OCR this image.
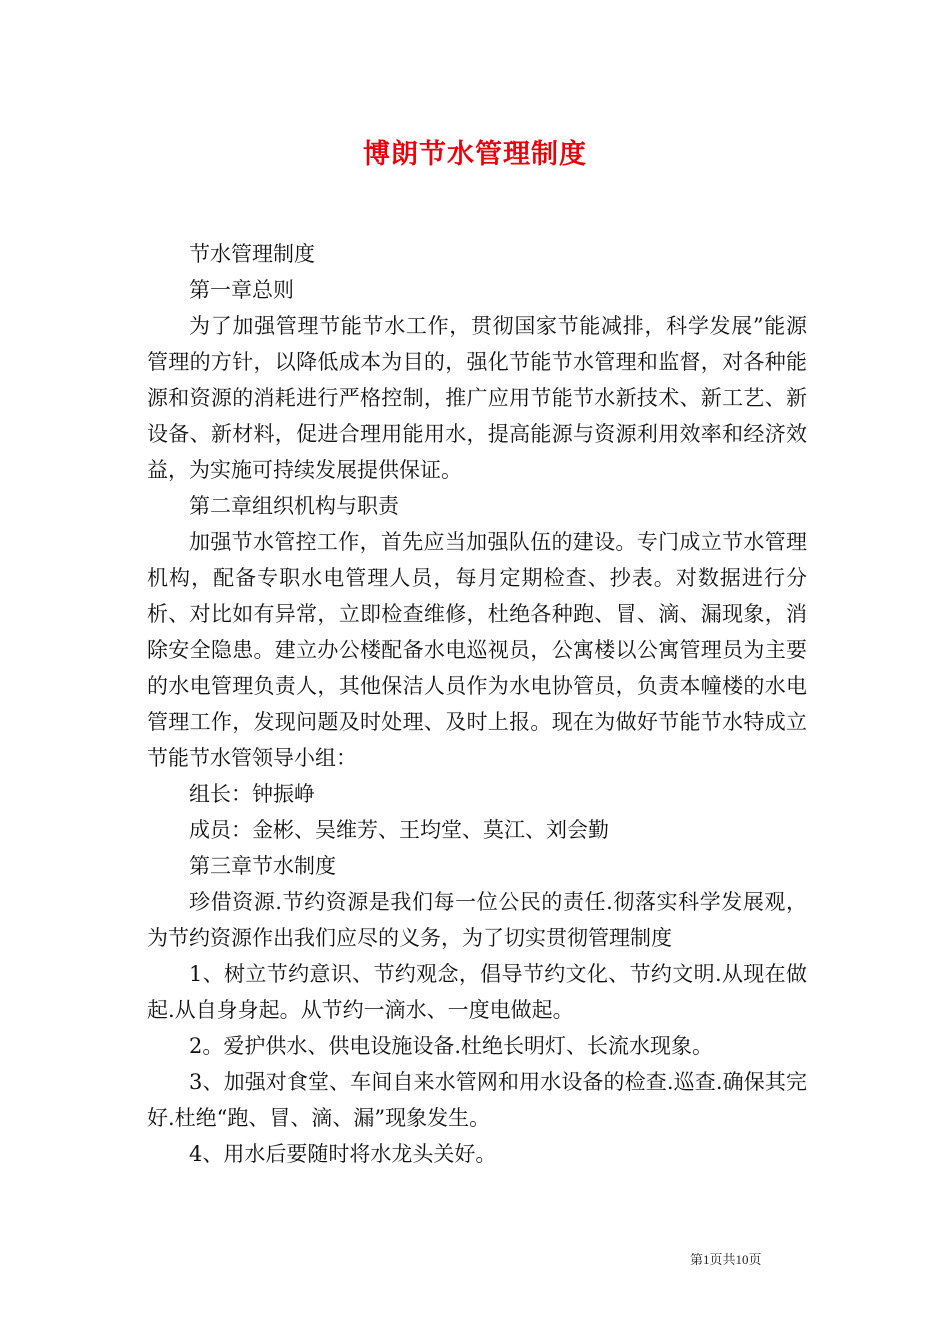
博朗节水管理制度

节水管理制度

第一章总则

为了加强管理节能节水工作，贯彻国家节能减排，科学发展”能源管理的方针，以降低成本为目的，强化节能节水管理和监督，对各种能源和资源的消耗进行严格控制，推广应用节能节水新技术、新工艺、新设备、新材料，促进合理用能用水，提高能源与资源利用效率和经济效益，为实施可持续发展提供保证。

第二章组织机构与职责

加强节水管控工作，首先应当加强队伍的建设。专门成立节水管理机构，配备专职水电管理人员，每月定期检查、抄表。对数据进行分析、对比如有异常，立即检查维修，杜绝各种跑、冒、滴、漏现象，消除安全隐患。建立办公楼配备水电巡视员，公寓楼以公寓管理员为主要的水电管理负责人，其他保洁人员作为水电协管员，负责本幢楼的水电管理工作，发现问题及时处理、及时上报。现在为做好节能节水特成立节能节水管领导小组：

组长：钟振峥

成员：金彬、吴维芳、王均堂、莫江、刘会勤

第三章节水制度

珍借资源.节约资源是我们每一位公民的责任.彻落实科学发展观，为节约资源作出我们应尽的义务，为了切实贯彻管理制度

1、树立节约意识、节约观念，倡导节约文化、节约文明.从现在做起.从自身身起。从节约一滴水、一度电做起。

2。爱护供水、供电设施设备.杜绝长明灯、长流水现象。

3、加强对食堂、车间自来水管网和用水设备的检查.巡查.确保其完好.杜绝“跑、冒、滴、漏”现象发生。

4、用水后要随时将水龙头关好。

第1页共10页
